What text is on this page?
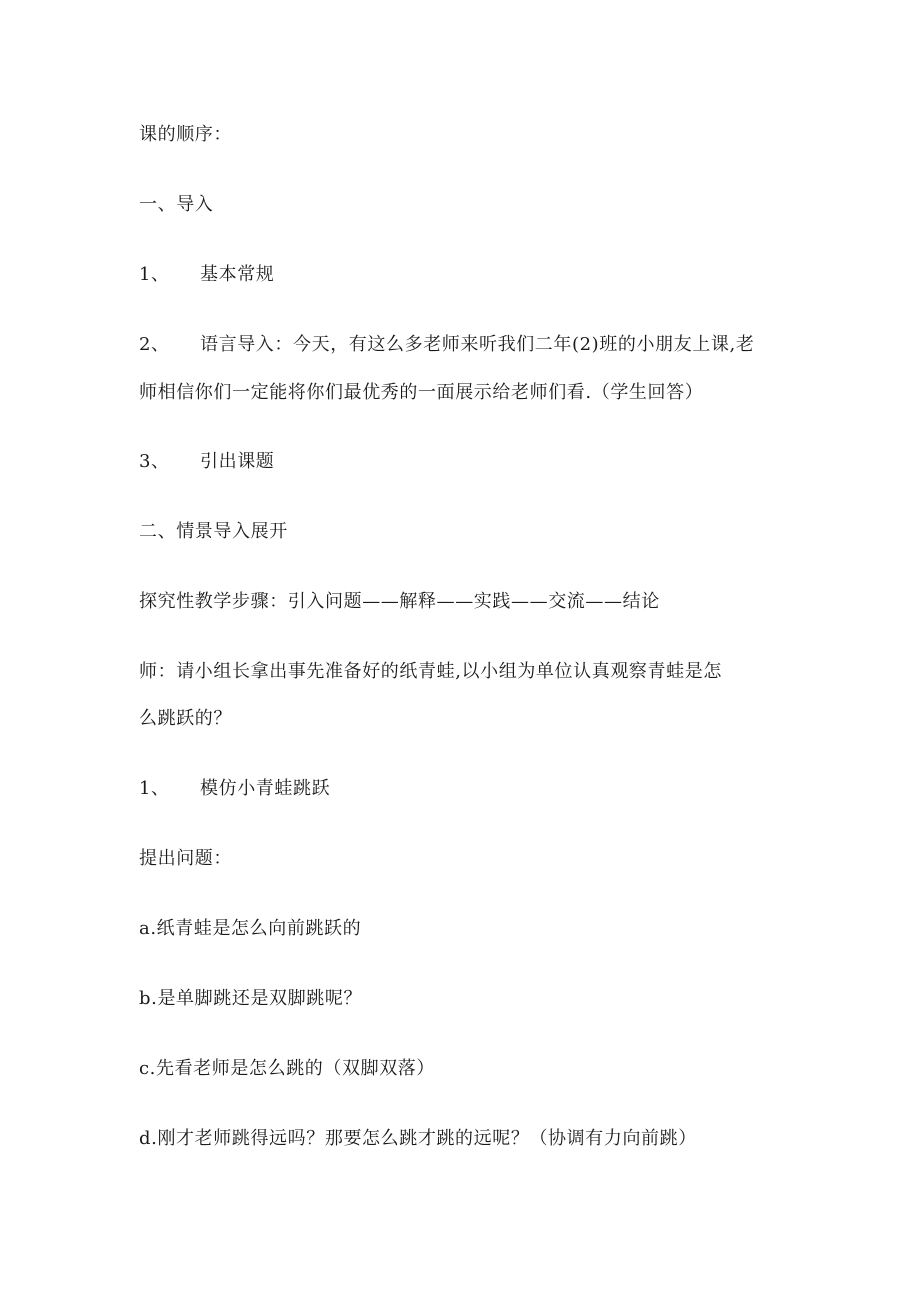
课的顺序：
一、导入
1、 基本常规
2、 语言导入：今天，有这么多老师来听我们二年(2)班的小朋友上课,老
师相信你们一定能将你们最优秀的一面展示给老师们看.（学生回答）
3、 引出课题
二、情景导入展开
探究性教学步骤：引入问题——解释——实践——交流——结论
师：请小组长拿出事先准备好的纸青蛙,以小组为单位认真观察青蛙是怎
么跳跃的？
1、 模仿小青蛙跳跃
提出问题：
a.纸青蛙是怎么向前跳跃的
b.是单脚跳还是双脚跳呢？
c.先看老师是怎么跳的（双脚双落）
d.刚才老师跳得远吗？那要怎么跳才跳的远呢？（协调有力向前跳）
